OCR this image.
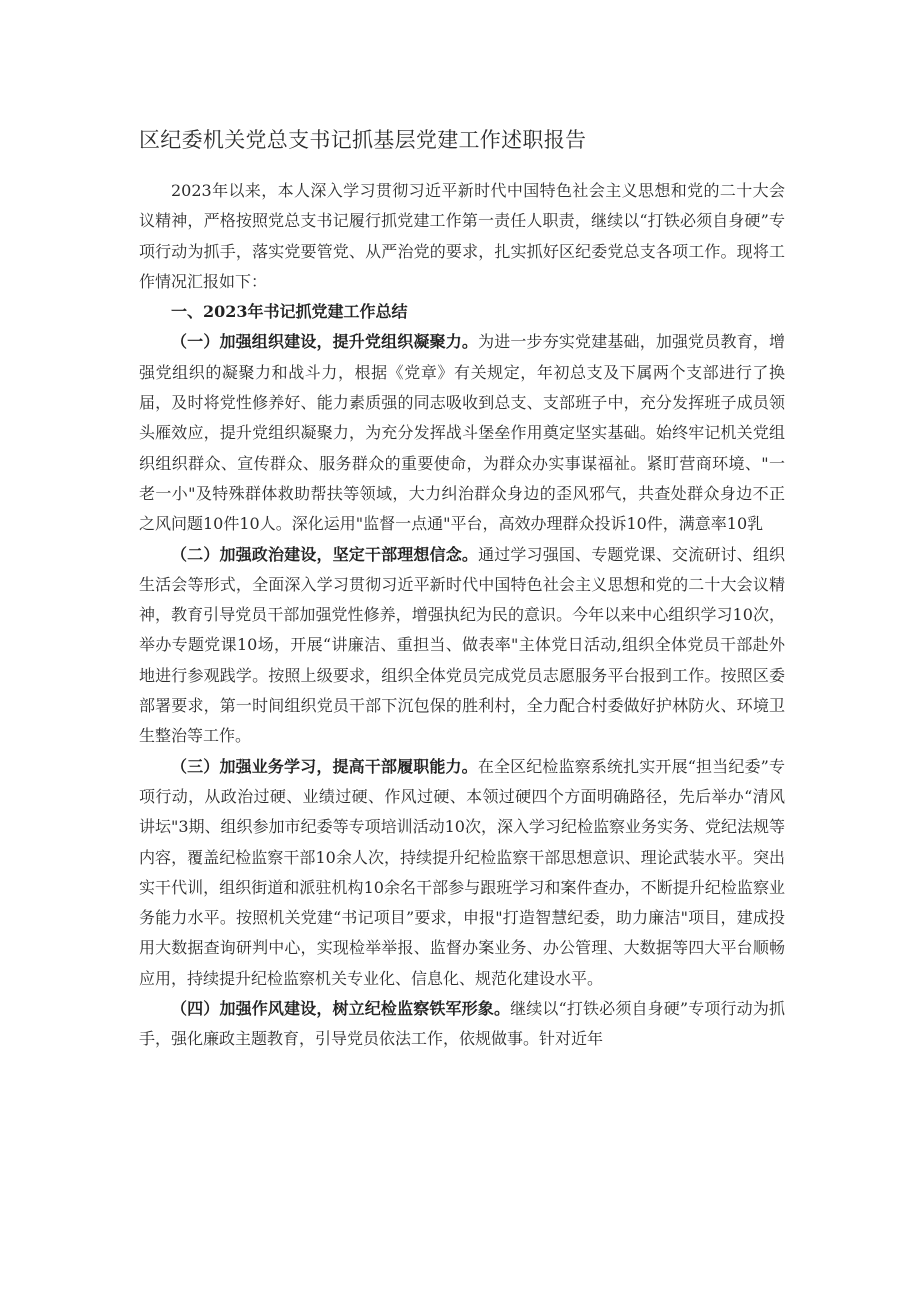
区纪委机关党总支书记抓基层党建工作述职报告

2023年以来，本人深入学习贯彻习近平新时代中国特色社会主义思想和党的二十大会议精神，严格按照党总支书记履行抓党建工作第一责任人职责，继续以“打铁必须自身硬”专项行动为抓手，落实党要管党、从严治党的要求，扎实抓好区纪委党总支各项工作。现将工作情况汇报如下：

一、2023年书记抓党建工作总结

（一）加强组织建设，提升党组织凝聚力。为进一步夯实党建基础，加强党员教育，增强党组织的凝聚力和战斗力，根据《党章》有关规定，年初总支及下属两个支部进行了换届，及时将党性修养好、能力素质强的同志吸收到总支、支部班子中，充分发挥班子成员领头雁效应，提升党组织凝聚力，为充分发挥战斗堡垒作用奠定坚实基础。始终牢记机关党组织组织群众、宣传群众、服务群众的重要使命，为群众办实事谋福祉。紧盯营商环境、"一老一小"及特殊群体救助帮扶等领域，大力纠治群众身边的歪风邪气，共查处群众身边不正之风问题10件10人。深化运用"监督一点通"平台，高效办理群众投诉10件，满意率10乳

（二）加强政治建设，坚定干部理想信念。通过学习强国、专题党课、交流研讨、组织生活会等形式，全面深入学习贯彻习近平新时代中国特色社会主义思想和党的二十大会议精神，教育引导党员干部加强党性修养，增强执纪为民的意识。今年以来中心组织学习10次，举办专题党课10场，开展“讲廉洁、重担当、做表率"主体党日活动,组织全体党员干部赴外地进行参观践学。按照上级要求，组织全体党员完成党员志愿服务平台报到工作。按照区委部署要求，第一时间组织党员干部下沉包保的胜利村，全力配合村委做好护林防火、环境卫生整治等工作。

（三）加强业务学习，提高干部履职能力。在全区纪检监察系统扎实开展“担当纪委”专项行动，从政治过硬、业绩过硬、作风过硬、本领过硬四个方面明确路径，先后举办“清风讲坛"3期、组织参加市纪委等专项培训活动10次，深入学习纪检监察业务实务、党纪法规等内容，覆盖纪检监察干部10余人次，持续提升纪检监察干部思想意识、理论武装水平。突出实干代训，组织街道和派驻机构10余名干部参与跟班学习和案件查办，不断提升纪检监察业务能力水平。按照机关党建“书记项目”要求，申报"打造智慧纪委，助力廉洁"项目，建成投用大数据查询研判中心，实现检举举报、监督办案业务、办公管理、大数据等四大平台顺畅应用，持续提升纪检监察机关专业化、信息化、规范化建设水平。

（四）加强作风建设，树立纪检监察铁军形象。继续以“打铁必须自身硬”专项行动为抓手，强化廉政主题教育，引导党员依法工作，依规做事。针对近年
